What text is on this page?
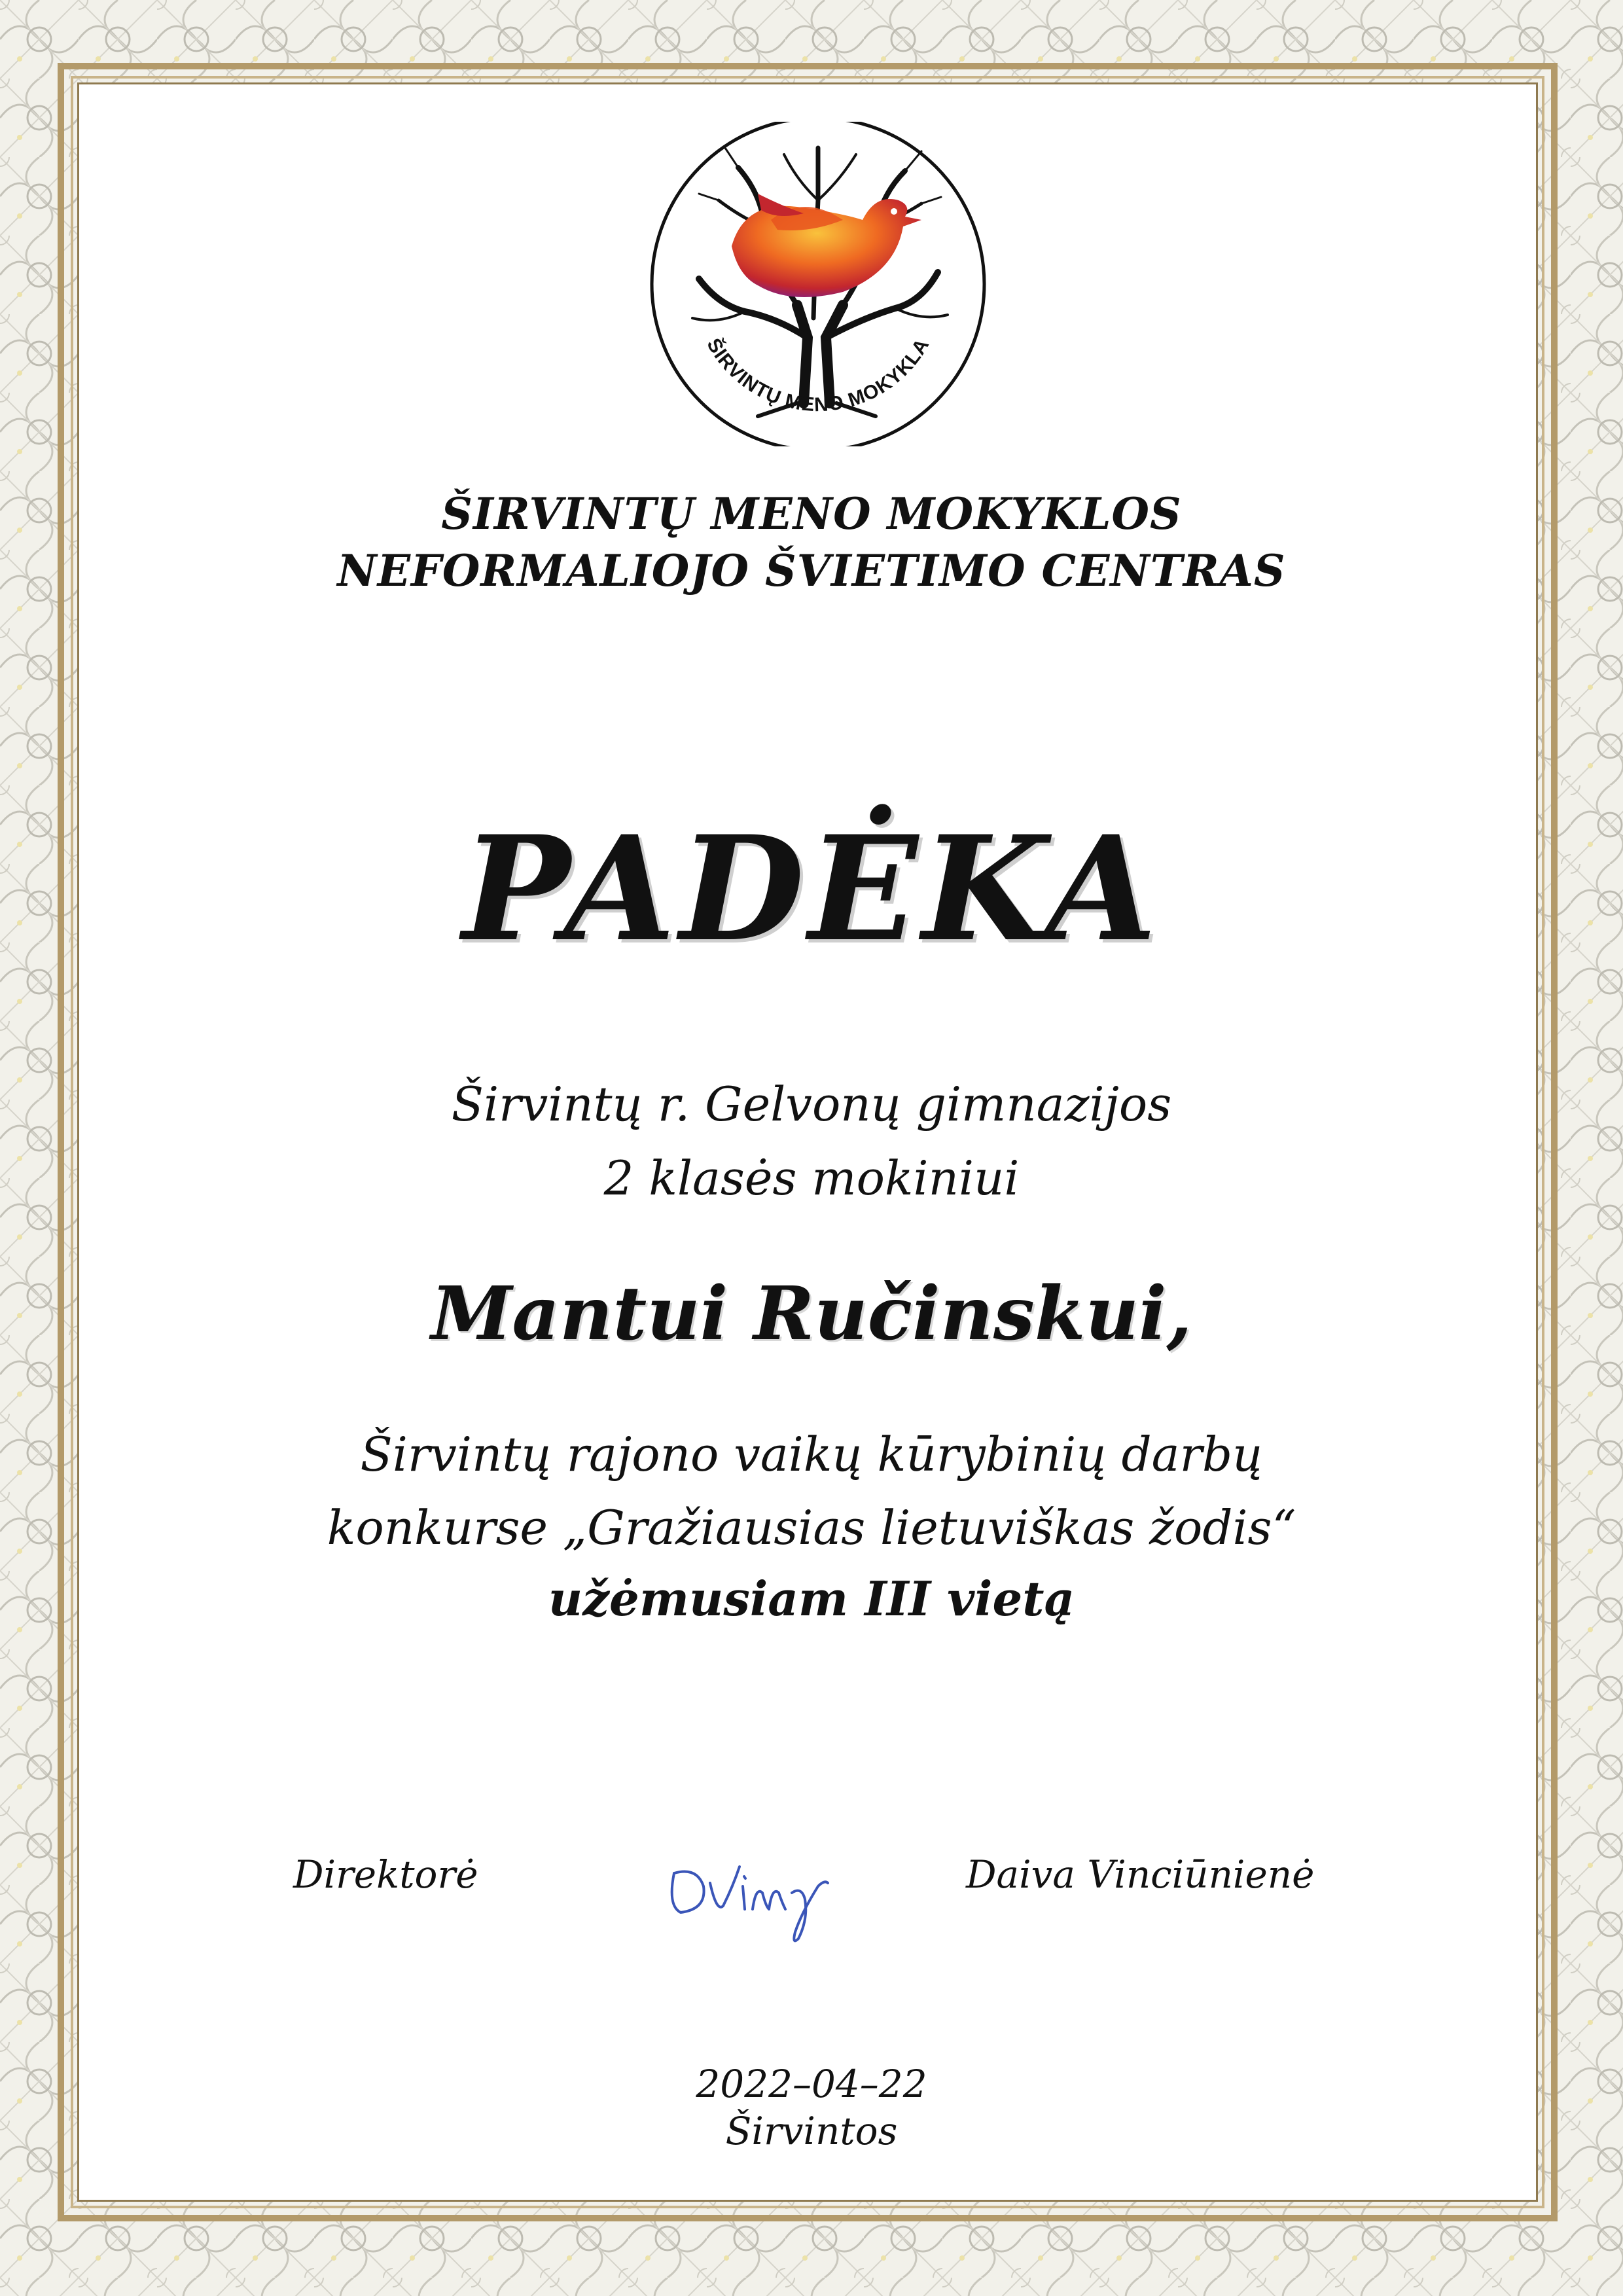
ŠIRVINTŲ MENO MOKYKLA
ŠIRVINTŲ MENO MOKYKLOS
NEFORMALIOJO ŠVIETIMO CENTRAS
PADĖKA
Širvintų r. Gelvonų gimnazijos
2 klasės mokiniui
Mantui Ručinskui,
Širvintų rajono vaikų kūrybinių darbų
konkurse „Gražiausias lietuviškas žodis“
užėmusiam III vietą
Direktorė	Daiva Vinciūnienė
2022–04–22
Širvintos
